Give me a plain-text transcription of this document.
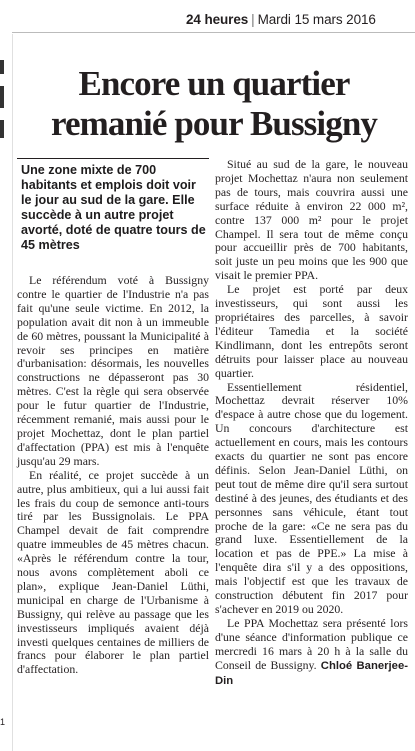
24 heures | Mardi 15 mars 2016
1
Encore un quartier
remanié pour Bussigny
Une zone mixte de 700 habitants et emplois doit voir le jour au sud de la gare. Elle succède à un autre projet avorté, doté de quatre tours de 45 mètres

Le référendum voté à Bussigny contre le quartier de l'Industrie n'a pas fait qu'une seule victime. En 2012, la population avait dit non à un immeuble de 60 mètres, poussant la Municipalité à revoir ses principes en matière d'urbanisation: désormais, les nouvelles constructions ne dépasseront pas 30 mètres. C'est la règle qui sera observée pour le futur quartier de l'Industrie, récemment remanié, mais aussi pour le projet Mochettaz, dont le plan partiel d'affectation (PPA) est mis à l'enquête jusqu'au 29 mars.

En réalité, ce projet succède à un autre, plus ambitieux, qui a lui aussi fait les frais du coup de semonce anti-tours tiré par les Bussignolais. Le PPA Champel devait de fait comprendre quatre immeubles de 45 mètres chacun. «Après le référendum contre la tour, nous avons complètement aboli ce plan», explique Jean-Daniel Lüthi, municipal en charge de l'Urbanisme à Bussigny, qui relève au passage que les investisseurs impliqués avaient déjà investi quelques centaines de milliers de francs pour élaborer le plan partiel d'affectation.

Situé au sud de la gare, le nouveau projet Mochettaz n'aura non seulement pas de tours, mais couvrira aussi une surface réduite à environ 22 000 m², contre 137 000 m² pour le projet Champel. Il sera tout de même conçu pour accueillir près de 700 habitants, soit juste un peu moins que les 900 que visait le premier PPA.

Le projet est porté par deux investisseurs, qui sont aussi les propriétaires des parcelles, à savoir l'éditeur Tamedia et la société Kindlimann, dont les entrepôts seront détruits pour laisser place au nouveau quartier.

Essentiellement résidentiel, Mochettaz devrait réserver 10% d'espace à autre chose que du logement. Un concours d'architecture est actuellement en cours, mais les contours exacts du quartier ne sont pas encore définis. Selon Jean-Daniel Lüthi, on peut tout de même dire qu'il sera surtout destiné à des jeunes, des étudiants et des personnes sans véhicule, étant tout proche de la gare: «Ce ne sera pas du grand luxe. Essentiellement de la location et pas de PPE.» La mise à l'enquête dira s'il y a des oppositions, mais l'objectif est que les travaux de construction débutent fin 2017 pour s'achever en 2019 ou 2020.

Le PPA Mochettaz sera présenté lors d'une séance d'information publique ce mercredi 16 mars à 20 h à la salle du Conseil de Bussigny. Chloé Banerjee-Din
